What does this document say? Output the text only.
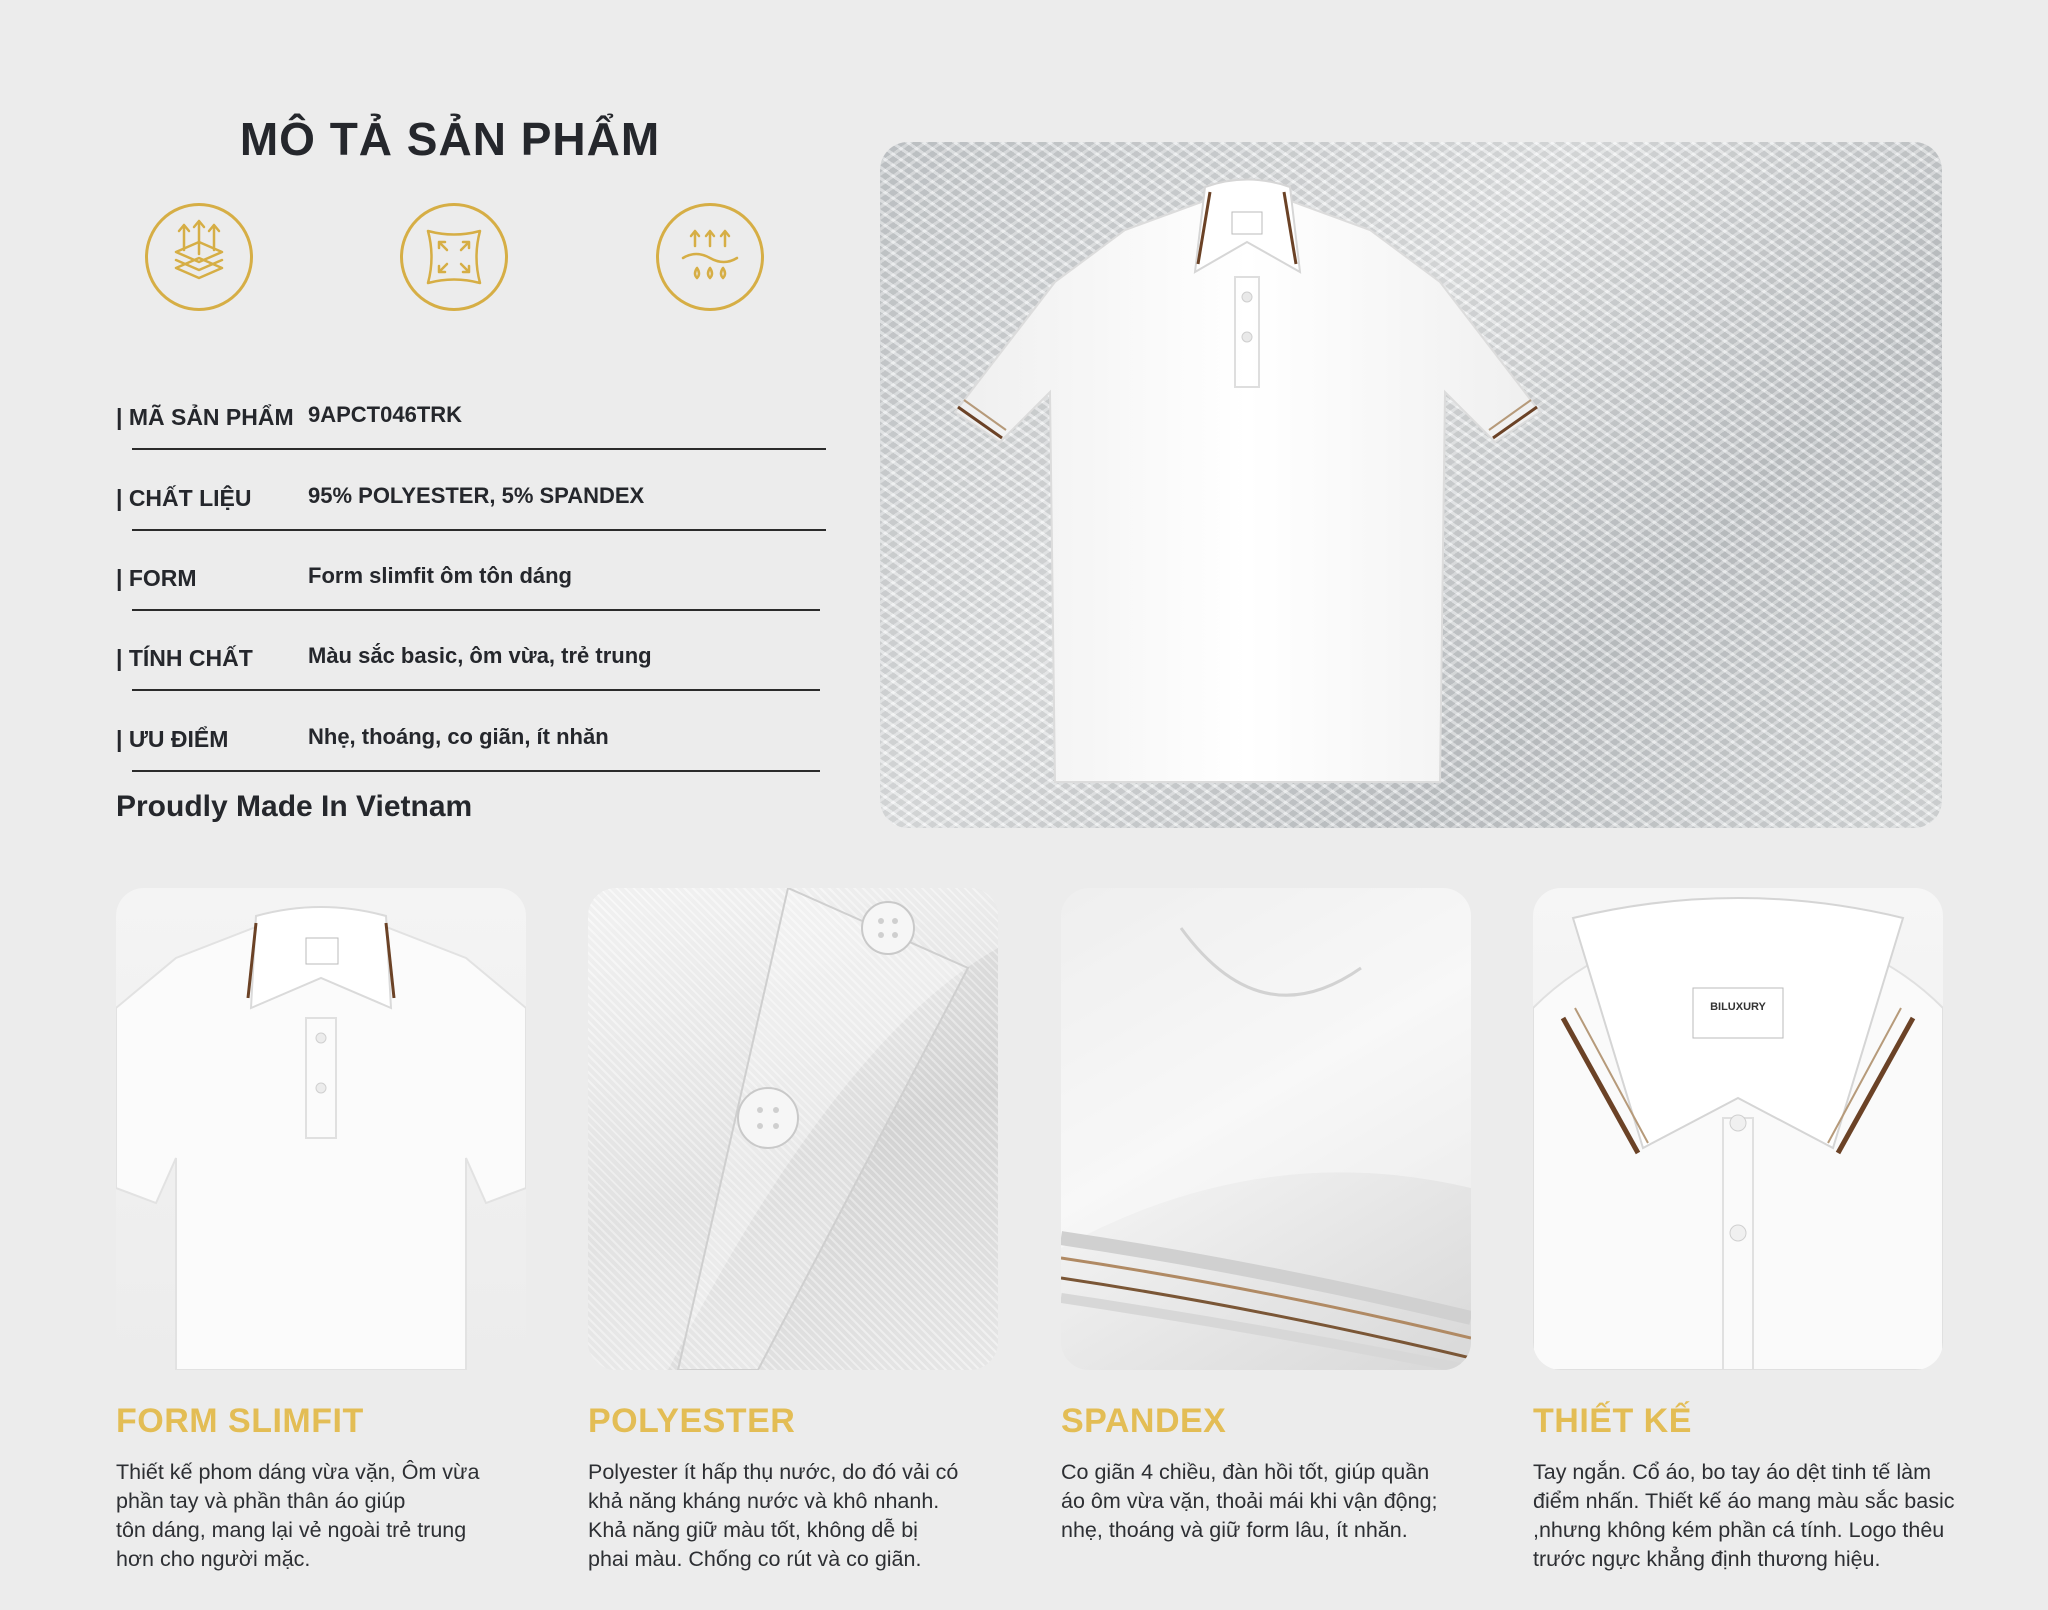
MÔ TẢ SẢN PHẨM
| MÃ SẢN PHẨM 9APCT046TRK
| CHẤT LIỆU	95% POLYESTER, 5% SPANDEX
| FORM	Form slimfit ôm tôn dáng
| TÍNH CHẤT	Màu sắc basic, ôm vừa, trẻ trung
| ƯU ĐIỂM	Nhẹ, thoáng, co giãn, ít nhăn
Proudly Made In Vietnam
BILUXURY
FORM SLIMFIT	POLYESTER	SPANDEX	THIẾT KẾ
Thiết kế phom dáng vừa vặn, Ôm vừa
phần tay và phần thân áo giúp
tôn dáng, mang lại vẻ ngoài trẻ trung
hơn cho người mặc.
Polyester ít hấp thụ nước, do đó vải có
khả năng kháng nước và khô nhanh.
Khả năng giữ màu tốt, không dễ bị
phai màu. Chống co rút và co giãn.
Co giãn 4 chiều, đàn hồi tốt, giúp quần
áo ôm vừa vặn, thoải mái khi vận động;
nhẹ, thoáng và giữ form lâu, ít nhăn.
Tay ngắn. Cổ áo, bo tay áo dệt tinh tế làm
điểm nhấn. Thiết kế áo mang màu sắc basic
,nhưng không kém phần cá tính. Logo thêu
trước ngực khẳng định thương hiệu.
